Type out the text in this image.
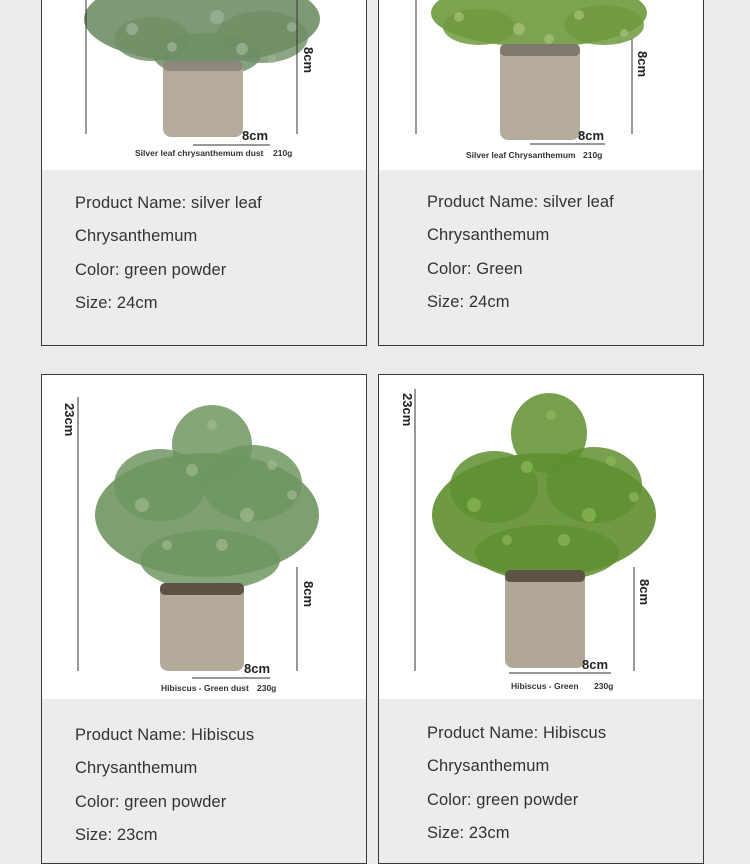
8cm
8cm
Silver leaf chrysanthemum dust 210g
Product Name: silver leaf
Chrysanthemum
Color: green powder
Size: 24cm
8cm
8cm
Silver leaf Chrysanthemum 210g
Product Name: silver leaf
Chrysanthemum
Color: Green
Size: 24cm
23cm
8cm
8cm
Hibiscus - Green dust 230g
Product Name: Hibiscus
Chrysanthemum
Color: green powder
Size: 23cm
23cm
8cm
8cm
Hibiscus - Green 230g
Product Name: Hibiscus
Chrysanthemum
Color: green powder
Size: 23cm
